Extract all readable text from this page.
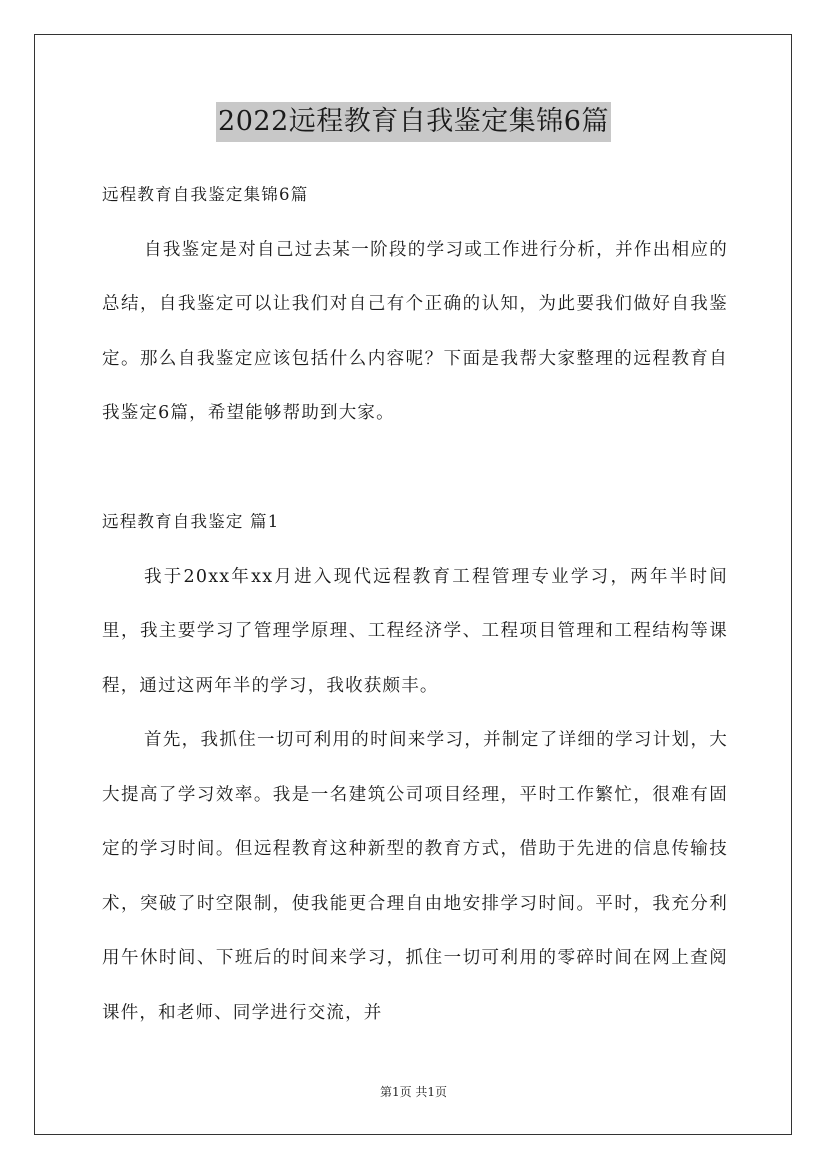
2022远程教育自我鉴定集锦6篇

远程教育自我鉴定集锦6篇

自我鉴定是对自己过去某一阶段的学习或工作进行分析，并作出相应的总结，自我鉴定可以让我们对自己有个正确的认知，为此要我们做好自我鉴定。那么自我鉴定应该包括什么内容呢？下面是我帮大家整理的远程教育自我鉴定6篇，希望能够帮助到大家。

远程教育自我鉴定 篇1

我于20xx年xx月进入现代远程教育工程管理专业学习，两年半时间里，我主要学习了管理学原理、工程经济学、工程项目管理和工程结构等课程，通过这两年半的学习，我收获颇丰。

首先，我抓住一切可利用的时间来学习，并制定了详细的学习计划，大大提高了学习效率。我是一名建筑公司项目经理，平时工作繁忙，很难有固定的学习时间。但远程教育这种新型的教育方式，借助于先进的信息传输技术，突破了时空限制，使我能更合理自由地安排学习时间。平时，我充分利用午休时间、下班后的时间来学习，抓住一切可利用的零碎时间在网上查阅课件，和老师、同学进行交流，并

第1页 共1页
